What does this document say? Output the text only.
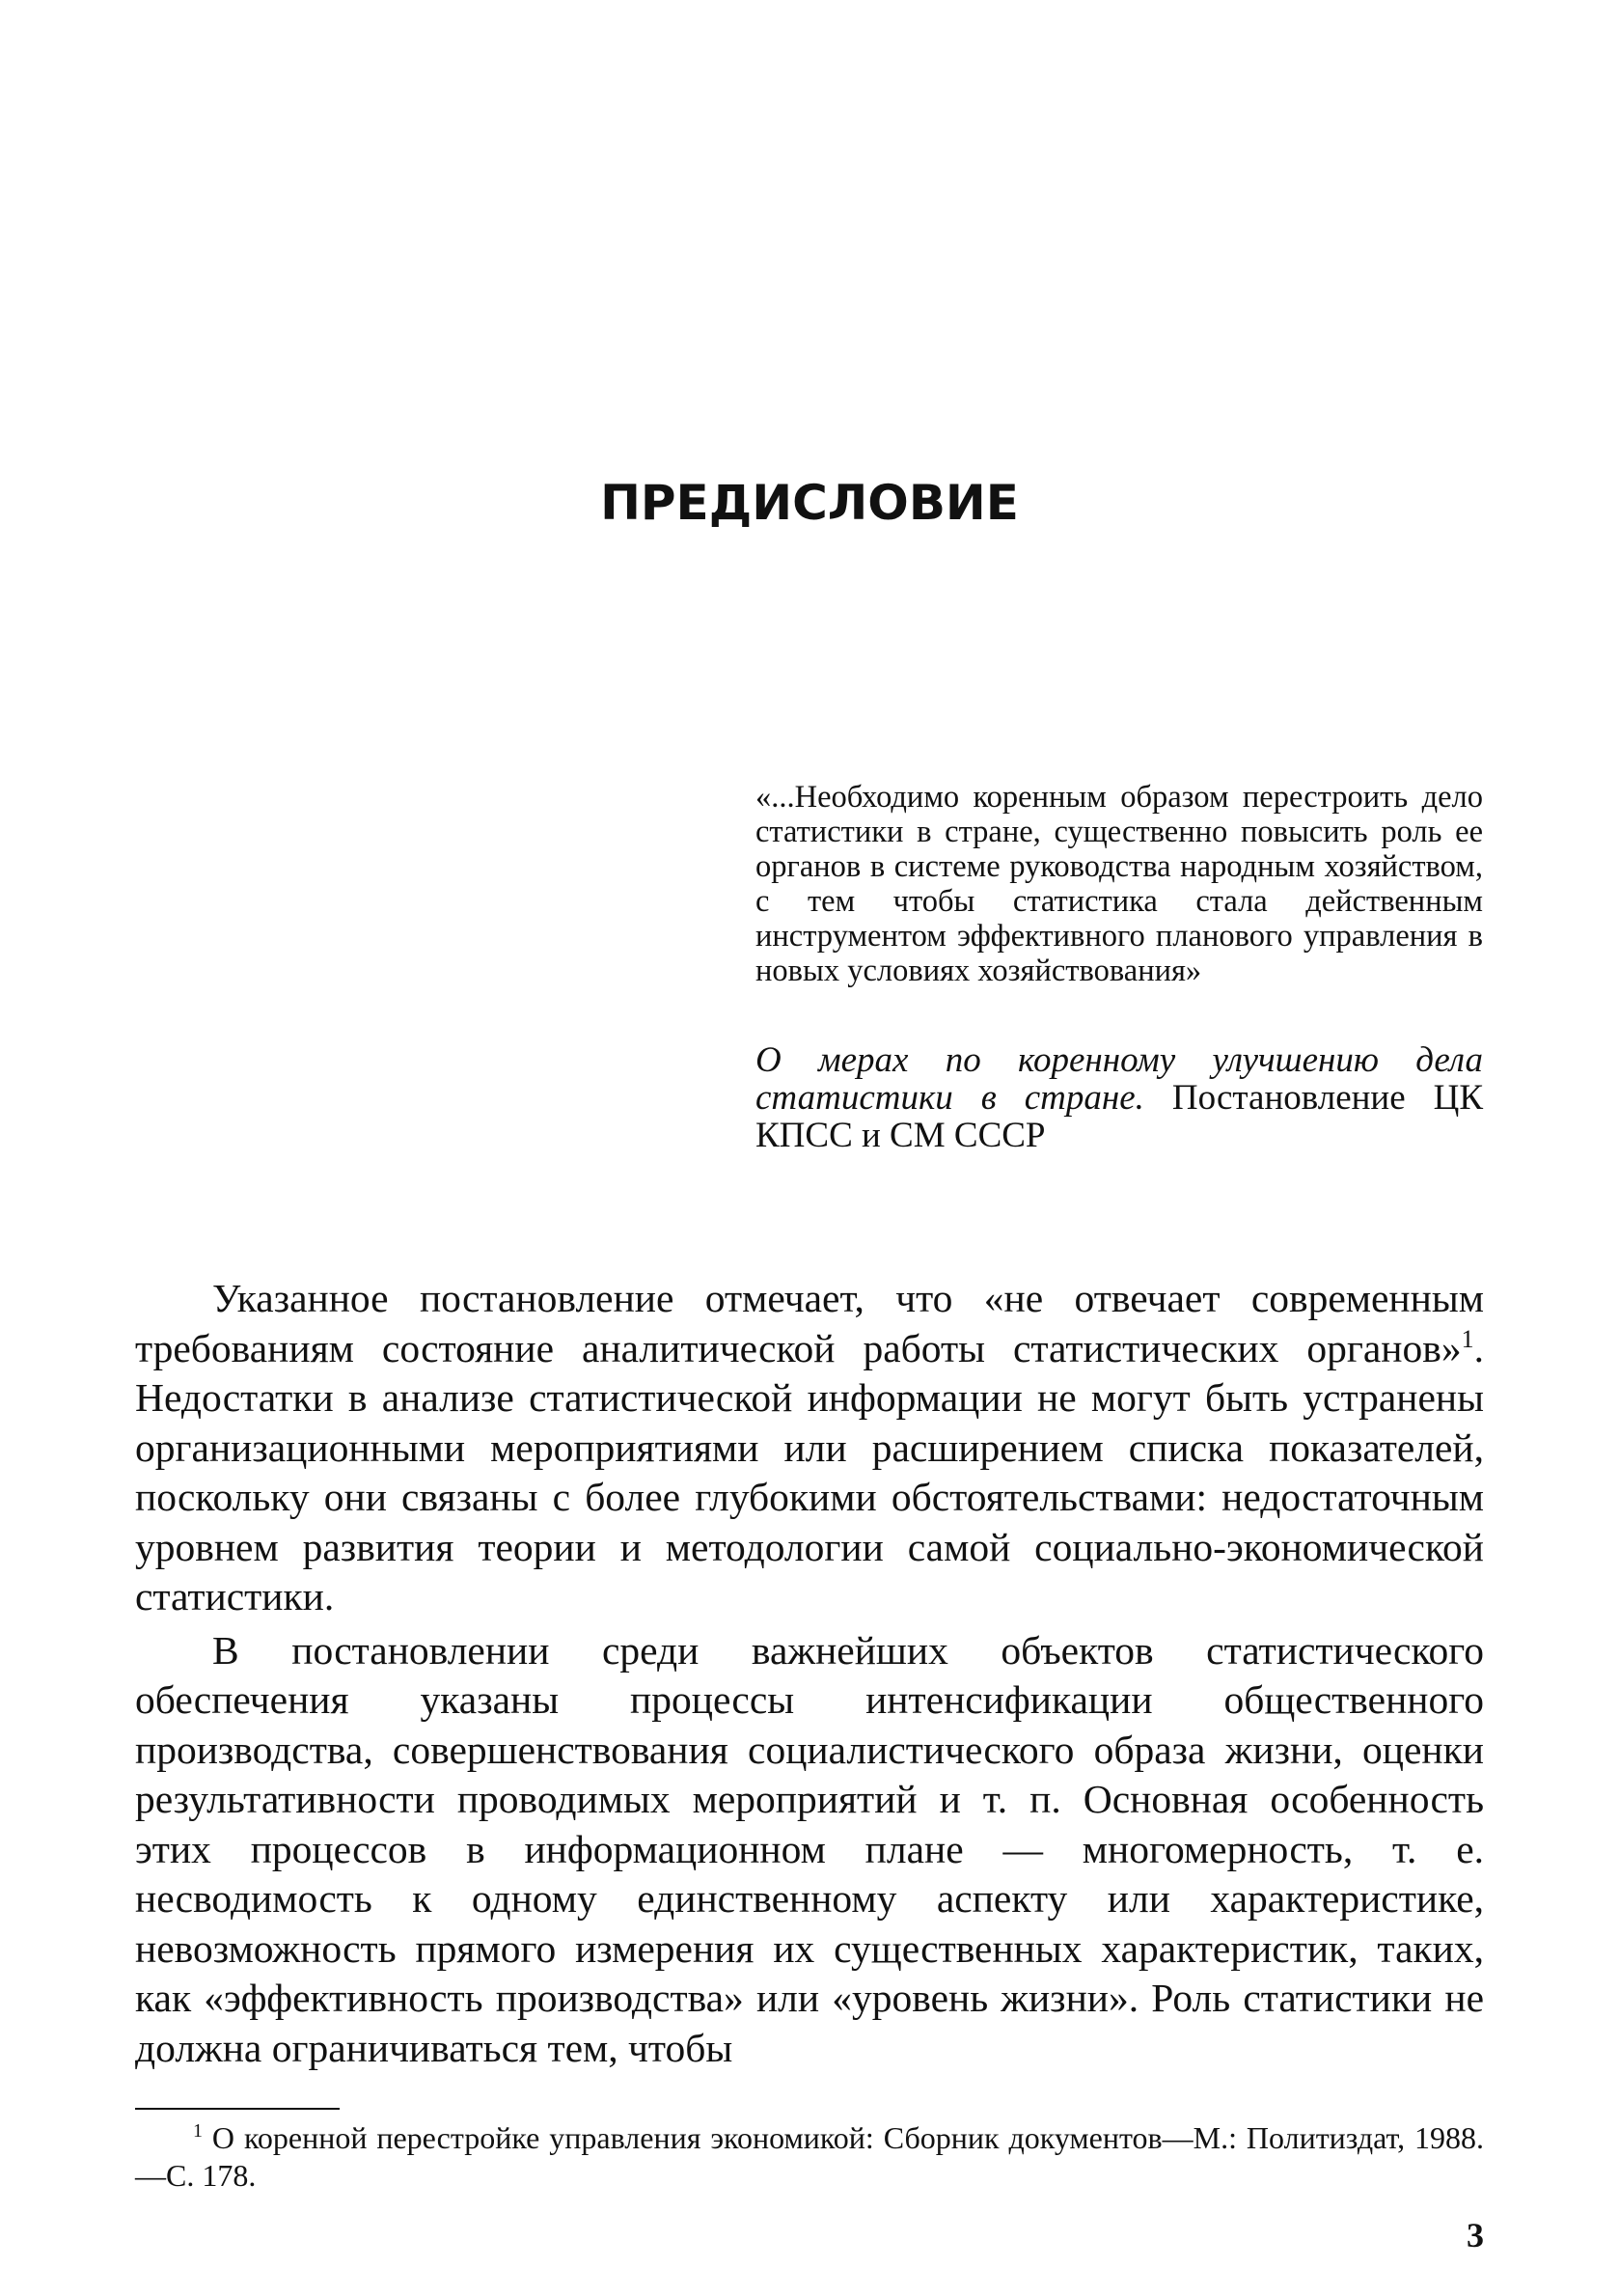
ПРЕДИСЛОВИЕ

«...Необходимо коренным образом перестроить дело статистики в стране, существенно повысить роль ее органов в системе руководства народным хозяйством, с тем чтобы статистика стала действенным инструментом эффективного планового управления в новых условиях хозяйствования»

О мерах по коренному улучшению дела статистики в стране. Постановление ЦК КПСС и СМ СССР

Указанное постановление отмечает, что «не отвечает современным требованиям состояние аналитической работы статистических органов»$^1$. Недостатки в анализе статистической информации не могут быть устранены организационными мероприятиями или расширением списка показателей, поскольку они связаны с более глубокими обстоятельствами: недостаточным уровнем развития теории и методологии самой социально-экономической статистики.

В постановлении среди важнейших объектов статистического обеспечения указаны процессы интенсификации общественного производства, совершенствования социалистического образа жизни, оценки результативности проводимых мероприятий и т. п. Основная особенность этих процессов в информационном плане — многомерность, т. е. несводимость к одному единственному аспекту или характеристике, невозможность прямого измерения их существенных характеристик, таких, как «эффективность производства» или «уровень жизни». Роль статистики не должна ограничиваться тем, чтобы

$^1$ О коренной перестройке управления экономикой: Сборник документов—М.: Политиздат, 1988.—С. 178.

3
